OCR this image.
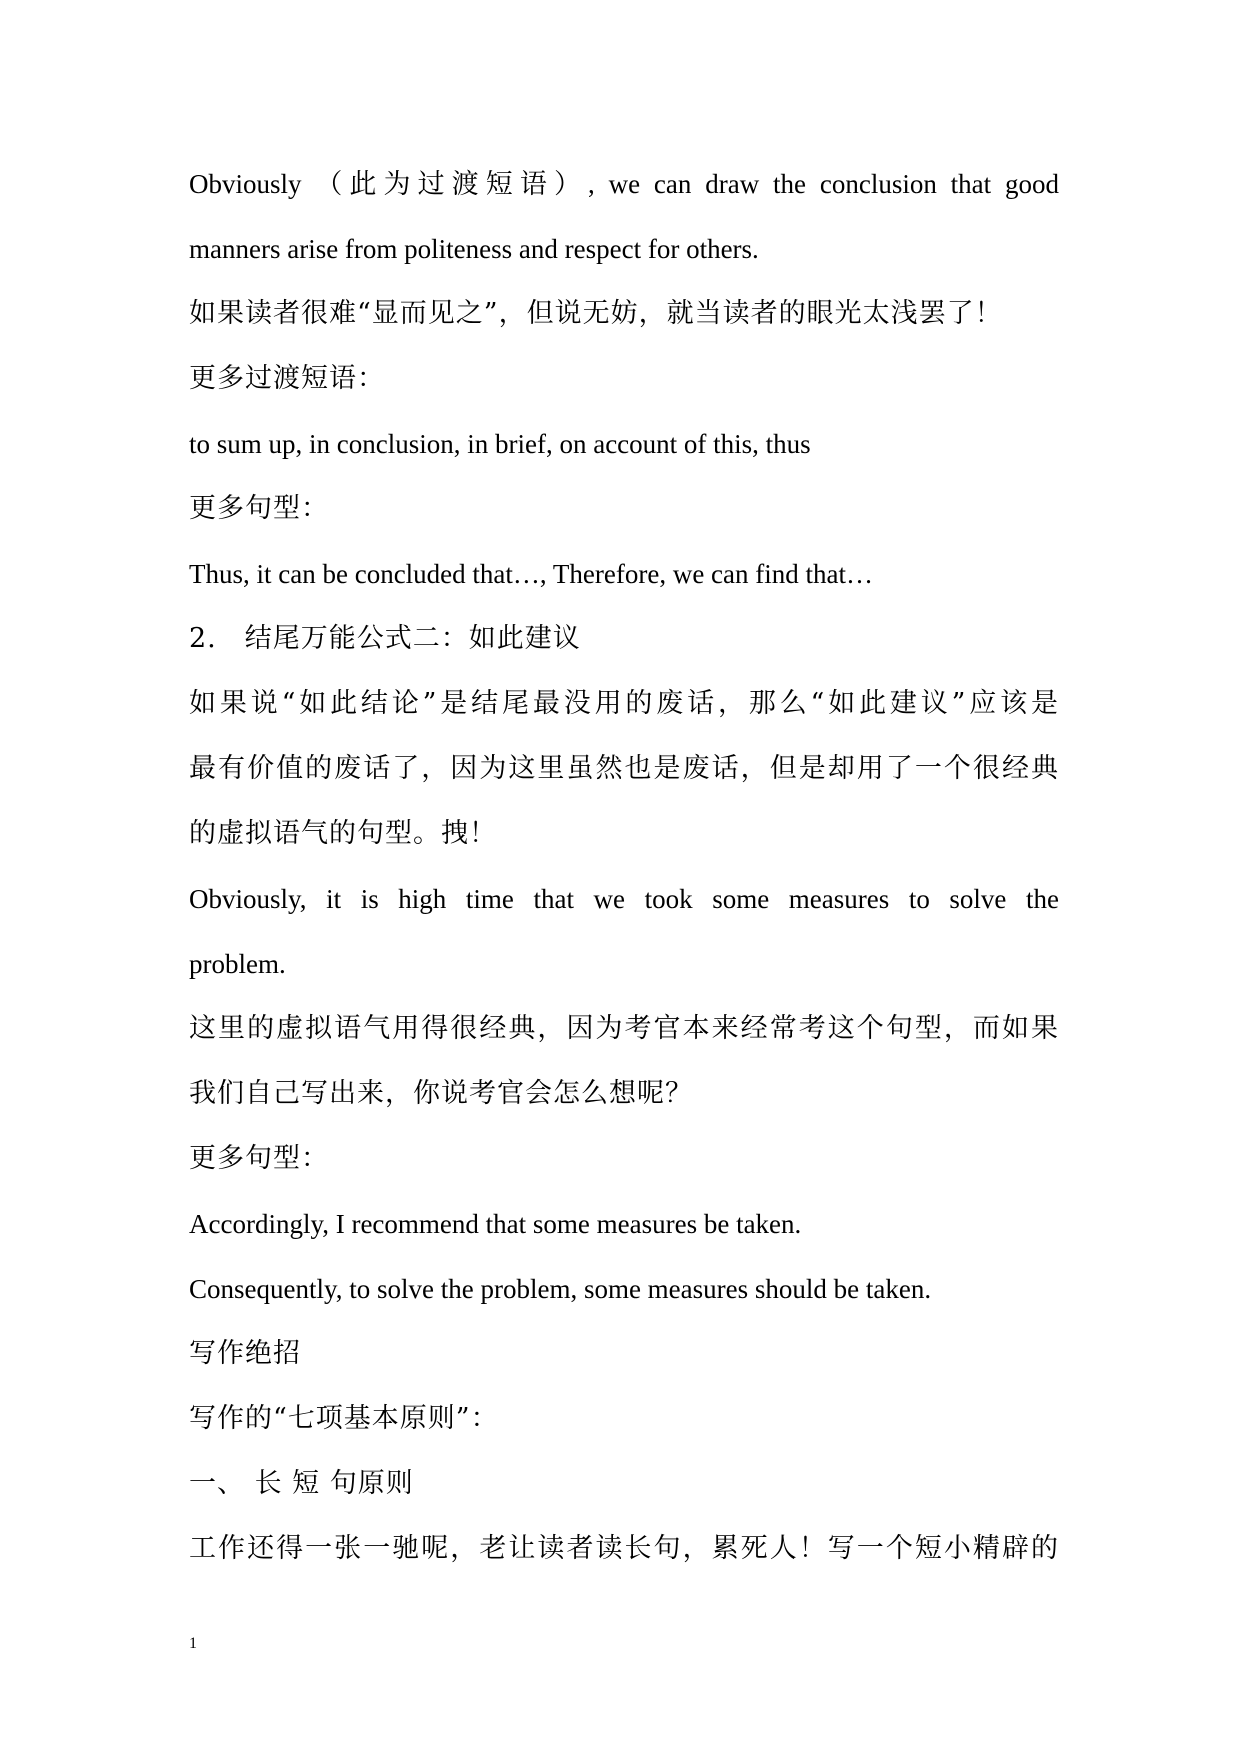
Obviously （此为过渡短语）, we can draw the conclusion that good
manners arise from politeness and respect for others.
如果读者很难“显而见之”，但说无妨，就当读者的眼光太浅罢了！
更多过渡短语：
to sum up, in conclusion, in brief, on account of this, thus
更多句型：
Thus, it can be concluded that…, Therefore, we can find that…
2.　结尾万能公式二：如此建议
如果说“如此结论”是结尾最没用的废话，那么“如此建议”应该是
最有价值的废话了，因为这里虽然也是废话，但是却用了一个很经典
的虚拟语气的句型。拽！
Obviously, it is high time that we took some measures to solve the
problem.
这里的虚拟语气用得很经典，因为考官本来经常考这个句型，而如果
我们自己写出来，你说考官会怎么想呢？
更多句型：
Accordingly, I recommend that some measures be taken.
Consequently, to solve the problem, some measures should be taken.
写作绝招
写作的“七项基本原则”：
一、 长 短 句原则
工作还得一张一驰呢，老让读者读长句，累死人！写一个短小精辟的
1
